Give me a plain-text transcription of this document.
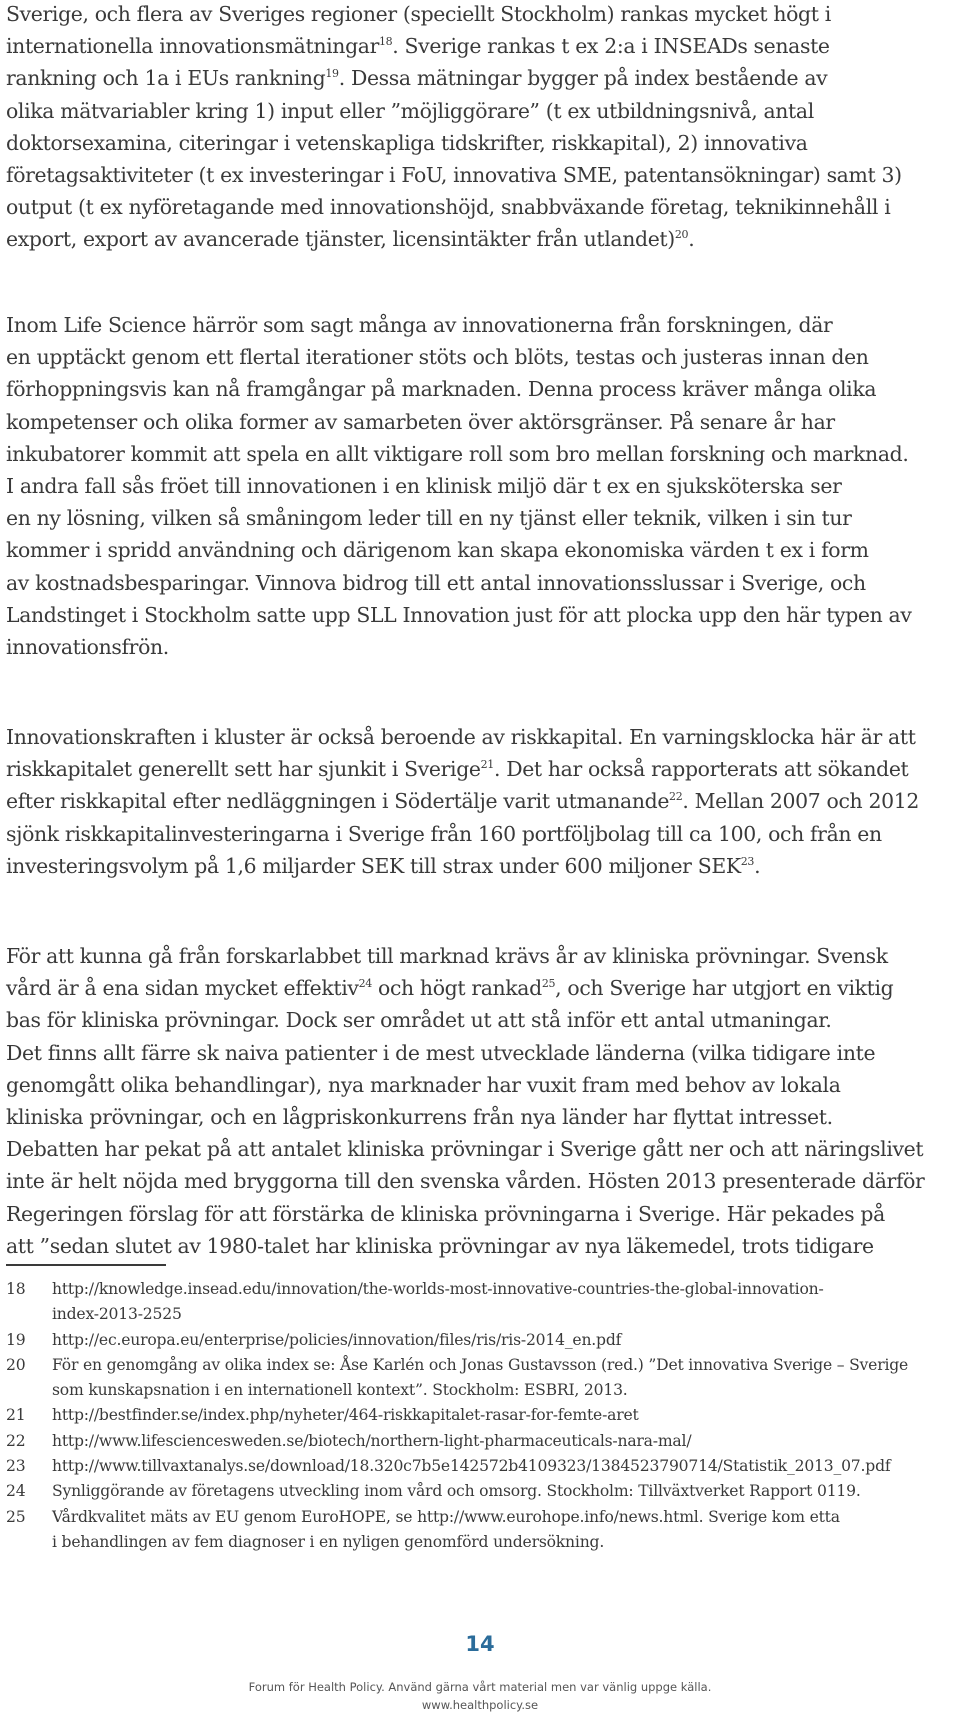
Sverige, och flera av Sveriges regioner (speciellt Stockholm) rankas mycket högt i
internationella innovationsmätningar$^{18}$. Sverige rankas t ex 2:a i INSEADs senaste
rankning och 1a i EUs rankning$^{19}$. Dessa mätningar bygger på index bestående av
olika mätvariabler kring 1) input eller ”möjliggörare” (t ex utbildningsnivå, antal
doktorsexamina, citeringar i vetenskapliga tidskrifter, riskkapital), 2) innovativa
företagsaktiviteter (t ex investeringar i FoU, innovativa SME, patentansökningar) samt 3)
output (t ex nyföretagande med innovationshöjd, snabbväxande företag, teknikinnehåll i
export, export av avancerade tjänster, licensintäkter från utlandet)$^{20}$.

Inom Life Science härrör som sagt många av innovationerna från forskningen, där
en upptäckt genom ett flertal iterationer stöts och blöts, testas och justeras innan den
förhoppningsvis kan nå framgångar på marknaden. Denna process kräver många olika
kompetenser och olika former av samarbeten över aktörsgränser. På senare år har
inkubatorer kommit att spela en allt viktigare roll som bro mellan forskning och marknad.
I andra fall sås fröet till innovationen i en klinisk miljö där t ex en sjuksköterska ser
en ny lösning, vilken så småningom leder till en ny tjänst eller teknik, vilken i sin tur
kommer i spridd användning och därigenom kan skapa ekonomiska värden t ex i form
av kostnadsbesparingar. Vinnova bidrog till ett antal innovationsslussar i Sverige, och
Landstinget i Stockholm satte upp SLL Innovation just för att plocka upp den här typen av
innovationsfrön.

Innovationskraften i kluster är också beroende av riskkapital. En varningsklocka här är att
riskkapitalet generellt sett har sjunkit i Sverige$^{21}$. Det har också rapporterats att sökandet
efter riskkapital efter nedläggningen i Södertälje varit utmanande$^{22}$. Mellan 2007 och 2012
sjönk riskkapitalinvesteringarna i Sverige från 160 portföljbolag till ca 100, och från en
investeringsvolym på 1,6 miljarder SEK till strax under 600 miljoner SEK$^{23}$.

För att kunna gå från forskarlabbet till marknad krävs år av kliniska prövningar. Svensk
vård är å ena sidan mycket effektiv$^{24}$ och högt rankad$^{25}$, och Sverige har utgjort en viktig
bas för kliniska prövningar. Dock ser området ut att stå inför ett antal utmaningar.
Det finns allt färre sk naiva patienter i de mest utvecklade länderna (vilka tidigare inte
genomgått olika behandlingar), nya marknader har vuxit fram med behov av lokala
kliniska prövningar, och en lågpriskonkurrens från nya länder har flyttat intresset.
Debatten har pekat på att antalet kliniska prövningar i Sverige gått ner och att näringslivet
inte är helt nöjda med bryggorna till den svenska vården. Hösten 2013 presenterade därför
Regeringen förslag för att förstärka de kliniska prövningarna i Sverige. Här pekades på
att ”sedan slutet av 1980-talet har kliniska prövningar av nya läkemedel, trots tidigare

18	http://knowledge.insead.edu/innovation/the-worlds-most-innovative-countries-the-global-innovation-
index-2013-2525
19	http://ec.europa.eu/enterprise/policies/innovation/files/ris/ris-2014_en.pdf
20	För en genomgång av olika index se: Åse Karlén och Jonas Gustavsson (red.) ”Det innovativa Sverige – Sverige
som kunskapsnation i en internationell kontext”. Stockholm: ESBRI, 2013.
21	http://bestfinder.se/index.php/nyheter/464-riskkapitalet-rasar-for-femte-aret
22	http://www.lifesciencesweden.se/biotech/northern-light-pharmaceuticals-nara-mal/
23	http://www.tillvaxtanalys.se/download/18.320c7b5e142572b4109323/1384523790714/Statistik_2013_07.pdf
24	Synliggörande av företagens utveckling inom vård och omsorg. Stockholm: Tillväxtverket Rapport 0119.
25	Vårdkvalitet mäts av EU genom EuroHOPE, se http://www.eurohope.info/news.html. Sverige kom etta
i behandlingen av fem diagnoser i en nyligen genomförd undersökning.
14
Forum för Health Policy. Använd gärna vårt material men var vänlig uppge källa.
www.healthpolicy.se
